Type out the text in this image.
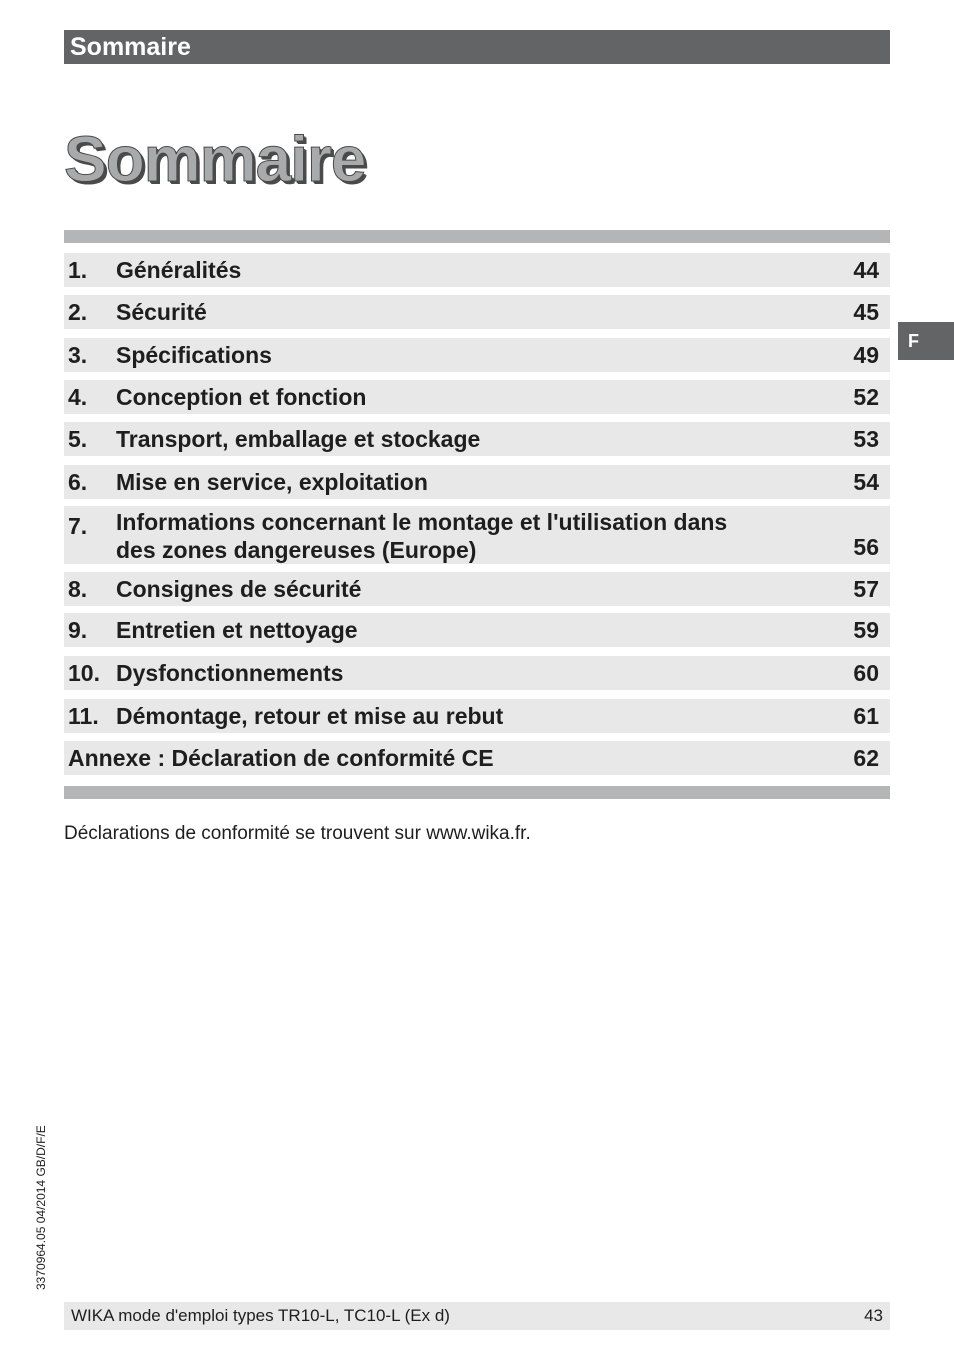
Sommaire
Sommaire
F
1. Généralités	44
2. Sécurité	45
3. Spécifications	49
4. Conception et fonction	52
5. Transport, emballage et stockage	53
6. Mise en service, exploitation	54
7. Informations concernant le montage et l'utilisation dans
des zones dangereuses (Europe)	56
8. Consignes de sécurité	57
9. Entretien et nettoyage	59
10. Dysfonctionnements	60
11. Démontage, retour et mise au rebut	61
Annexe : Déclaration de conformité CE	62
Déclarations de conformité se trouvent sur www.wika.fr.
3370964.05 04/2014 GB/D/F/E
WIKA mode d'emploi types TR10-L, TC10-L (Ex d)	43
